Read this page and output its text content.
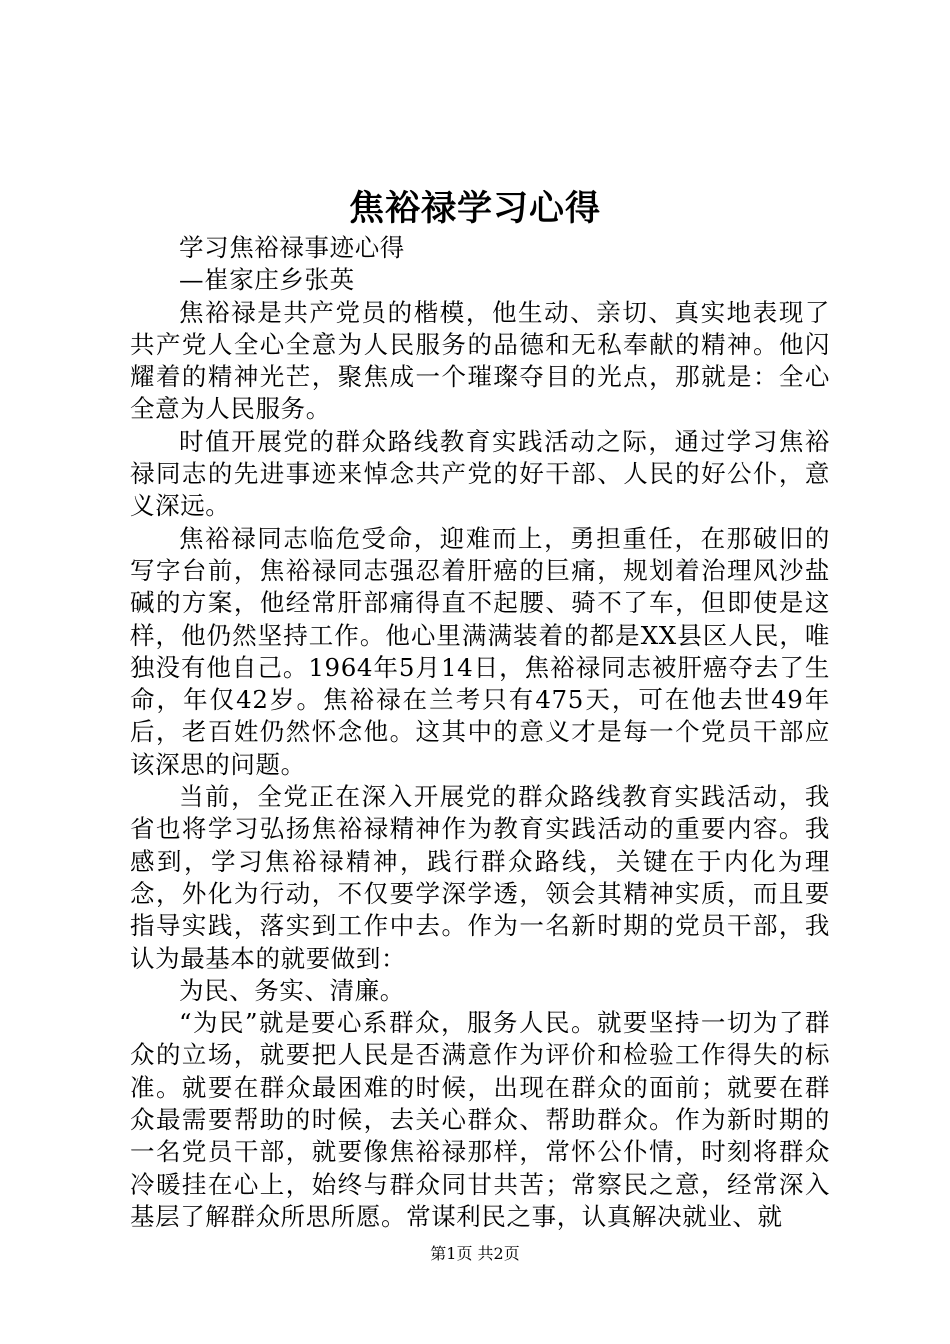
焦裕禄学习心得

学习焦裕禄事迹心得

—崔家庄乡张英

焦裕禄是共产党员的楷模，他生动、亲切、真实地表现了共产党人全心全意为人民服务的品德和无私奉献的精神。他闪耀着的精神光芒，聚焦成一个璀璨夺目的光点，那就是：全心全意为人民服务。

时值开展党的群众路线教育实践活动之际，通过学习焦裕禄同志的先进事迹来悼念共产党的好干部、人民的好公仆，意义深远。

焦裕禄同志临危受命，迎难而上，勇担重任，在那破旧的写字台前，焦裕禄同志强忍着肝癌的巨痛，规划着治理风沙盐碱的方案，他经常肝部痛得直不起腰、骑不了车，但即使是这样，他仍然坚持工作。他心里满满装着的都是XX县区人民，唯独没有他自己。1964年5月14日，焦裕禄同志被肝癌夺去了生命，年仅42岁。焦裕禄在兰考只有475天，可在他去世49年后，老百姓仍然怀念他。这其中的意义才是每一个党员干部应该深思的问题。

当前，全党正在深入开展党的群众路线教育实践活动，我省也将学习弘扬焦裕禄精神作为教育实践活动的重要内容。我感到，学习焦裕禄精神，践行群众路线，关键在于内化为理念，外化为行动，不仅要学深学透，领会其精神实质，而且要指导实践，落实到工作中去。作为一名新时期的党员干部，我认为最基本的就要做到：

为民、务实、清廉。

“为民”就是要心系群众，服务人民。就要坚持一切为了群众的立场，就要把人民是否满意作为评价和检验工作得失的标准。就要在群众最困难的时候，出现在群众的面前；就要在群众最需要帮助的时候，去关心群众、帮助群众。作为新时期的一名党员干部，就要像焦裕禄那样，常怀公仆情，时刻将群众冷暖挂在心上，始终与群众同甘共苦；常察民之意，经常深入基层了解群众所思所愿。常谋利民之事，认真解决就业、就

第1页 共2页
